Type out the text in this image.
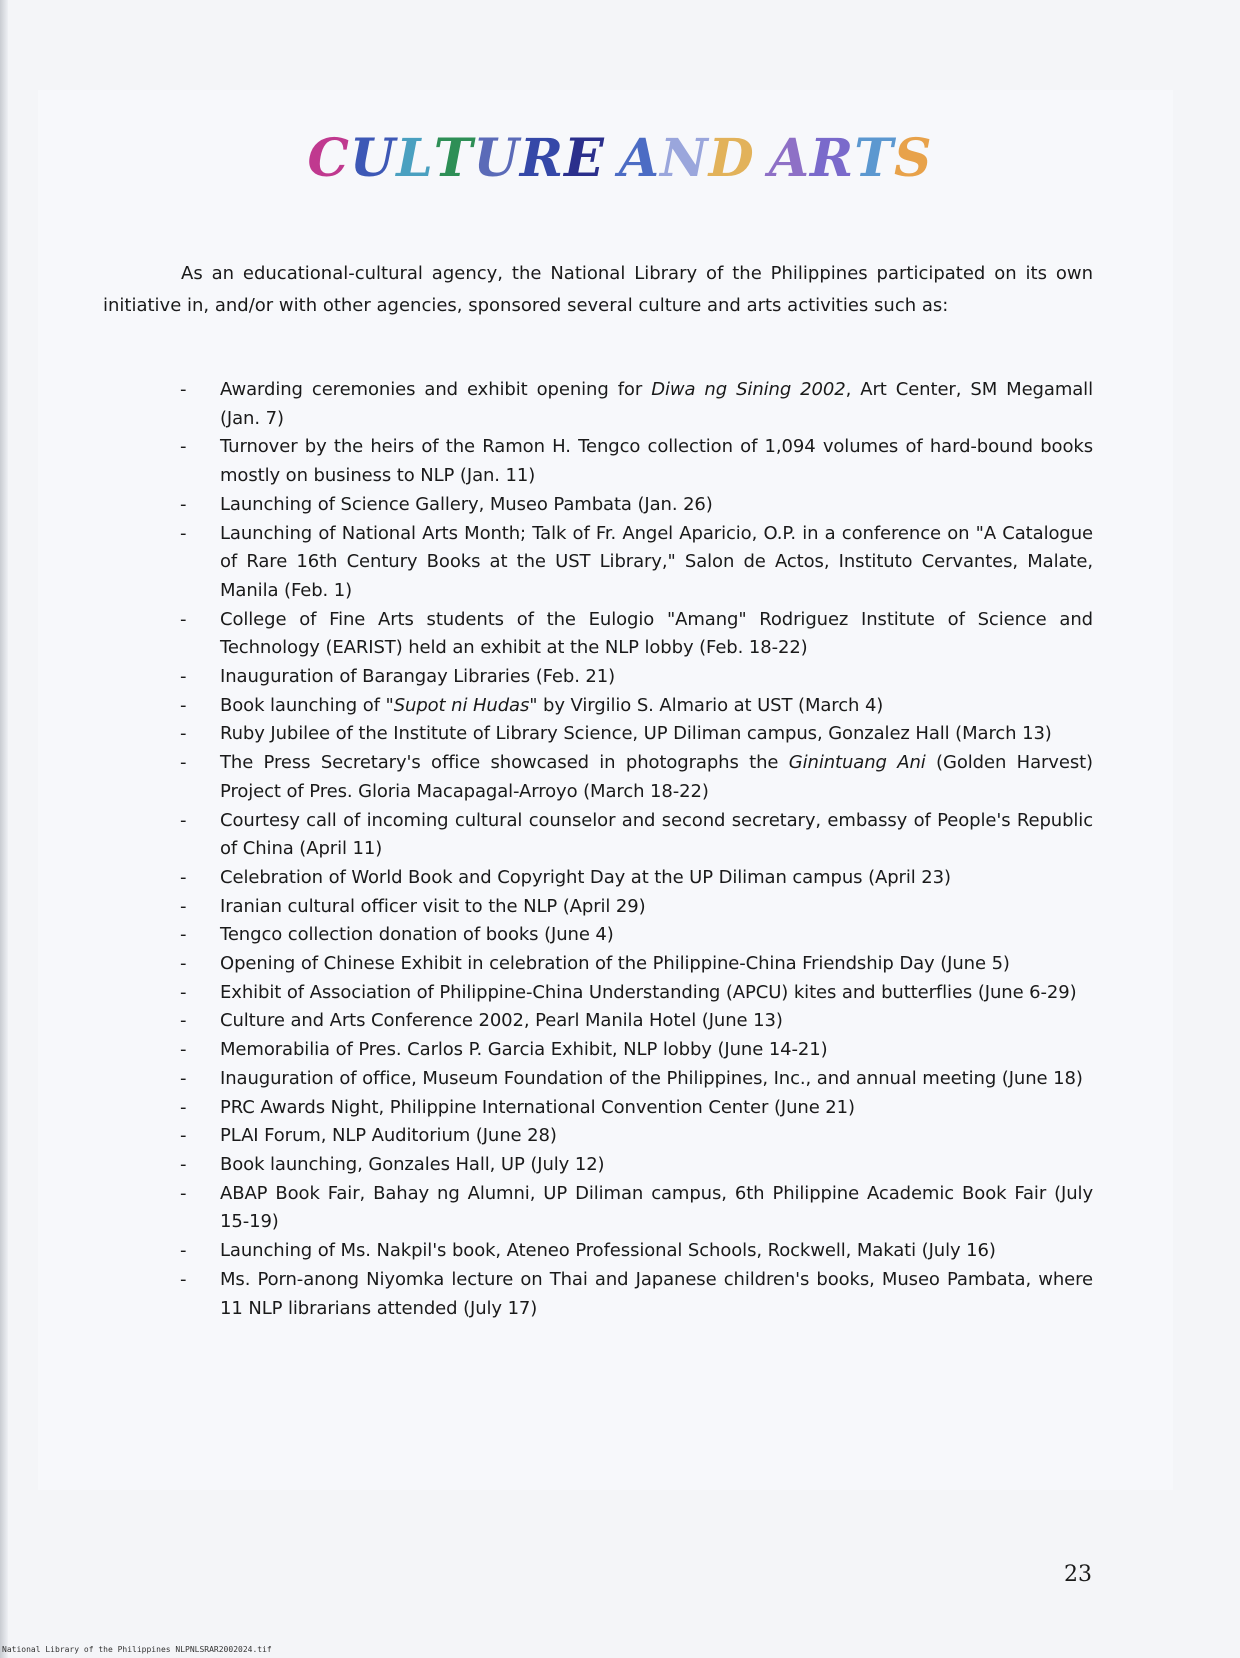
CULTURE AND ARTS

As an educational-cultural agency, the National Library of the Philippines participated on its own initiative in, and/or with other agencies, sponsored several culture and arts activities such as:

- Awarding ceremonies and exhibit opening for Diwa ng Sining 2002, Art Center, SM Megamall (Jan. 7)
- Turnover by the heirs of the Ramon H. Tengco collection of 1,094 volumes of hard-bound books mostly on business to NLP (Jan. 11)
- Launching of Science Gallery, Museo Pambata (Jan. 26)
- Launching of National Arts Month; Talk of Fr. Angel Aparicio, O.P. in a conference on "A Catalogue of Rare 16th Century Books at the UST Library," Salon de Actos, Instituto Cervantes, Malate, Manila (Feb. 1)
- College of Fine Arts students of the Eulogio "Amang" Rodriguez Institute of Science and Technology (EARIST) held an exhibit at the NLP lobby (Feb. 18-22)
- Inauguration of Barangay Libraries (Feb. 21)
- Book launching of "Supot ni Hudas" by Virgilio S. Almario at UST (March 4)
- Ruby Jubilee of the Institute of Library Science, UP Diliman campus, Gonzalez Hall (March 13)
- The Press Secretary's office showcased in photographs the Ginintuang Ani (Golden Harvest) Project of Pres. Gloria Macapagal-Arroyo (March 18-22)
- Courtesy call of incoming cultural counselor and second secretary, embassy of People's Republic of China (April 11)
- Celebration of World Book and Copyright Day at the UP Diliman campus (April 23)
- Iranian cultural officer visit to the NLP (April 29)
- Tengco collection donation of books (June 4)
- Opening of Chinese Exhibit in celebration of the Philippine-China Friendship Day (June 5)
- Exhibit of Association of Philippine-China Understanding (APCU) kites and butterflies (June 6-29)
- Culture and Arts Conference 2002, Pearl Manila Hotel (June 13)
- Memorabilia of Pres. Carlos P. Garcia Exhibit, NLP lobby (June 14-21)
- Inauguration of office, Museum Foundation of the Philippines, Inc., and annual meeting (June 18)
- PRC Awards Night, Philippine International Convention Center (June 21)
- PLAI Forum, NLP Auditorium (June 28)
- Book launching, Gonzales Hall, UP (July 12)
- ABAP Book Fair, Bahay ng Alumni, UP Diliman campus, 6th Philippine Academic Book Fair (July 15-19)
- Launching of Ms. Nakpil's book, Ateneo Professional Schools, Rockwell, Makati (July 16)
- Ms. Porn-anong Niyomka lecture on Thai and Japanese children's books, Museo Pambata, where 11 NLP librarians attended (July 17)
23
National Library of the Philippines NLPNLSRAR2002024.tif
